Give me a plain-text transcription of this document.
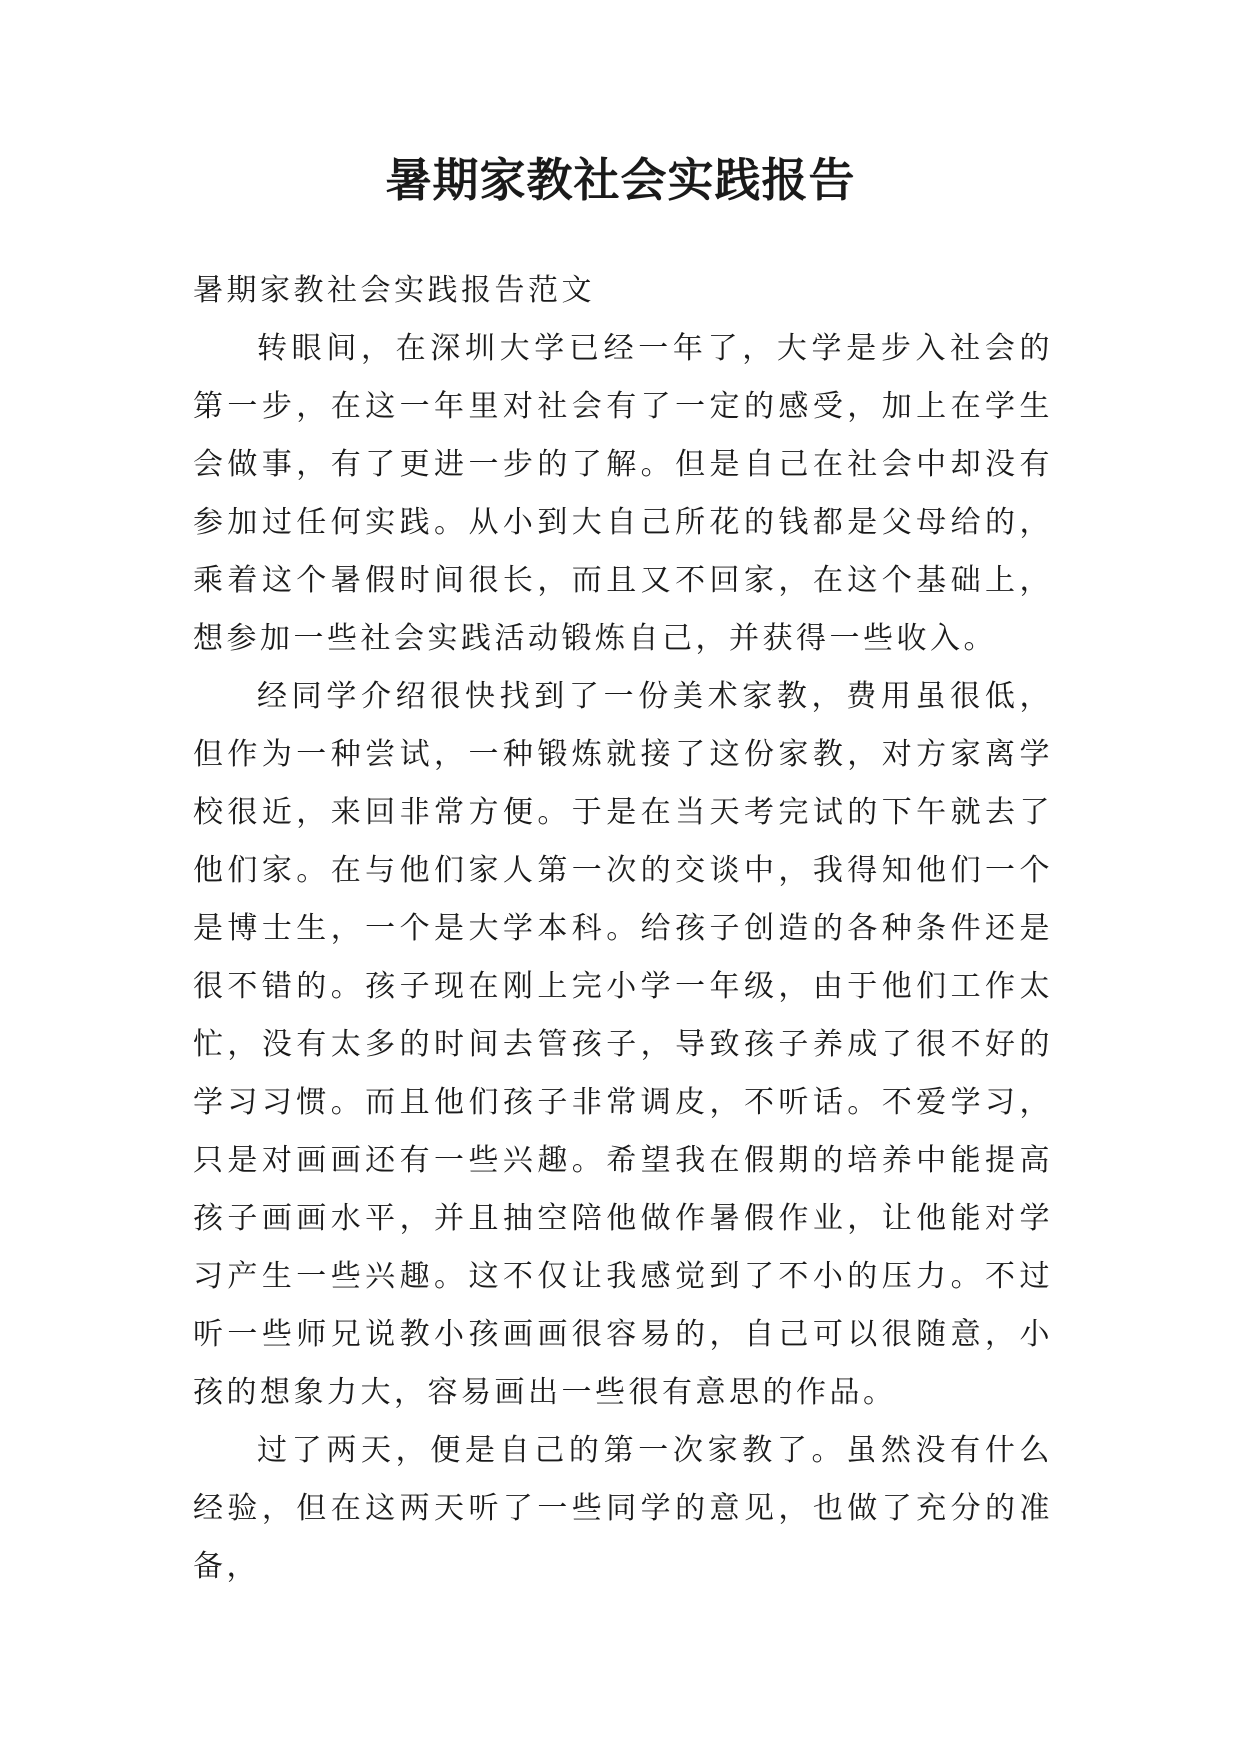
暑期家教社会实践报告

暑期家教社会实践报告范文

转眼间，在深圳大学已经一年了，大学是步入社会的第一步，在这一年里对社会有了一定的感受，加上在学生会做事，有了更进一步的了解。但是自己在社会中却没有参加过任何实践。从小到大自己所花的钱都是父母给的，乘着这个暑假时间很长，而且又不回家，在这个基础上，想参加一些社会实践活动锻炼自己，并获得一些收入。

经同学介绍很快找到了一份美术家教，费用虽很低，但作为一种尝试，一种锻炼就接了这份家教，对方家离学校很近，来回非常方便。于是在当天考完试的下午就去了他们家。在与他们家人第一次的交谈中，我得知他们一个是博士生，一个是大学本科。给孩子创造的各种条件还是很不错的。孩子现在刚上完小学一年级，由于他们工作太忙，没有太多的时间去管孩子，导致孩子养成了很不好的学习习惯。而且他们孩子非常调皮，不听话。不爱学习，只是对画画还有一些兴趣。希望我在假期的培养中能提高孩子画画水平，并且抽空陪他做作暑假作业，让他能对学习产生一些兴趣。这不仅让我感觉到了不小的压力。不过听一些师兄说教小孩画画很容易的，自己可以很随意，小孩的想象力大，容易画出一些很有意思的作品。

过了两天，便是自己的第一次家教了。虽然没有什么经验，但在这两天听了一些同学的意见，也做了充分的准备，
